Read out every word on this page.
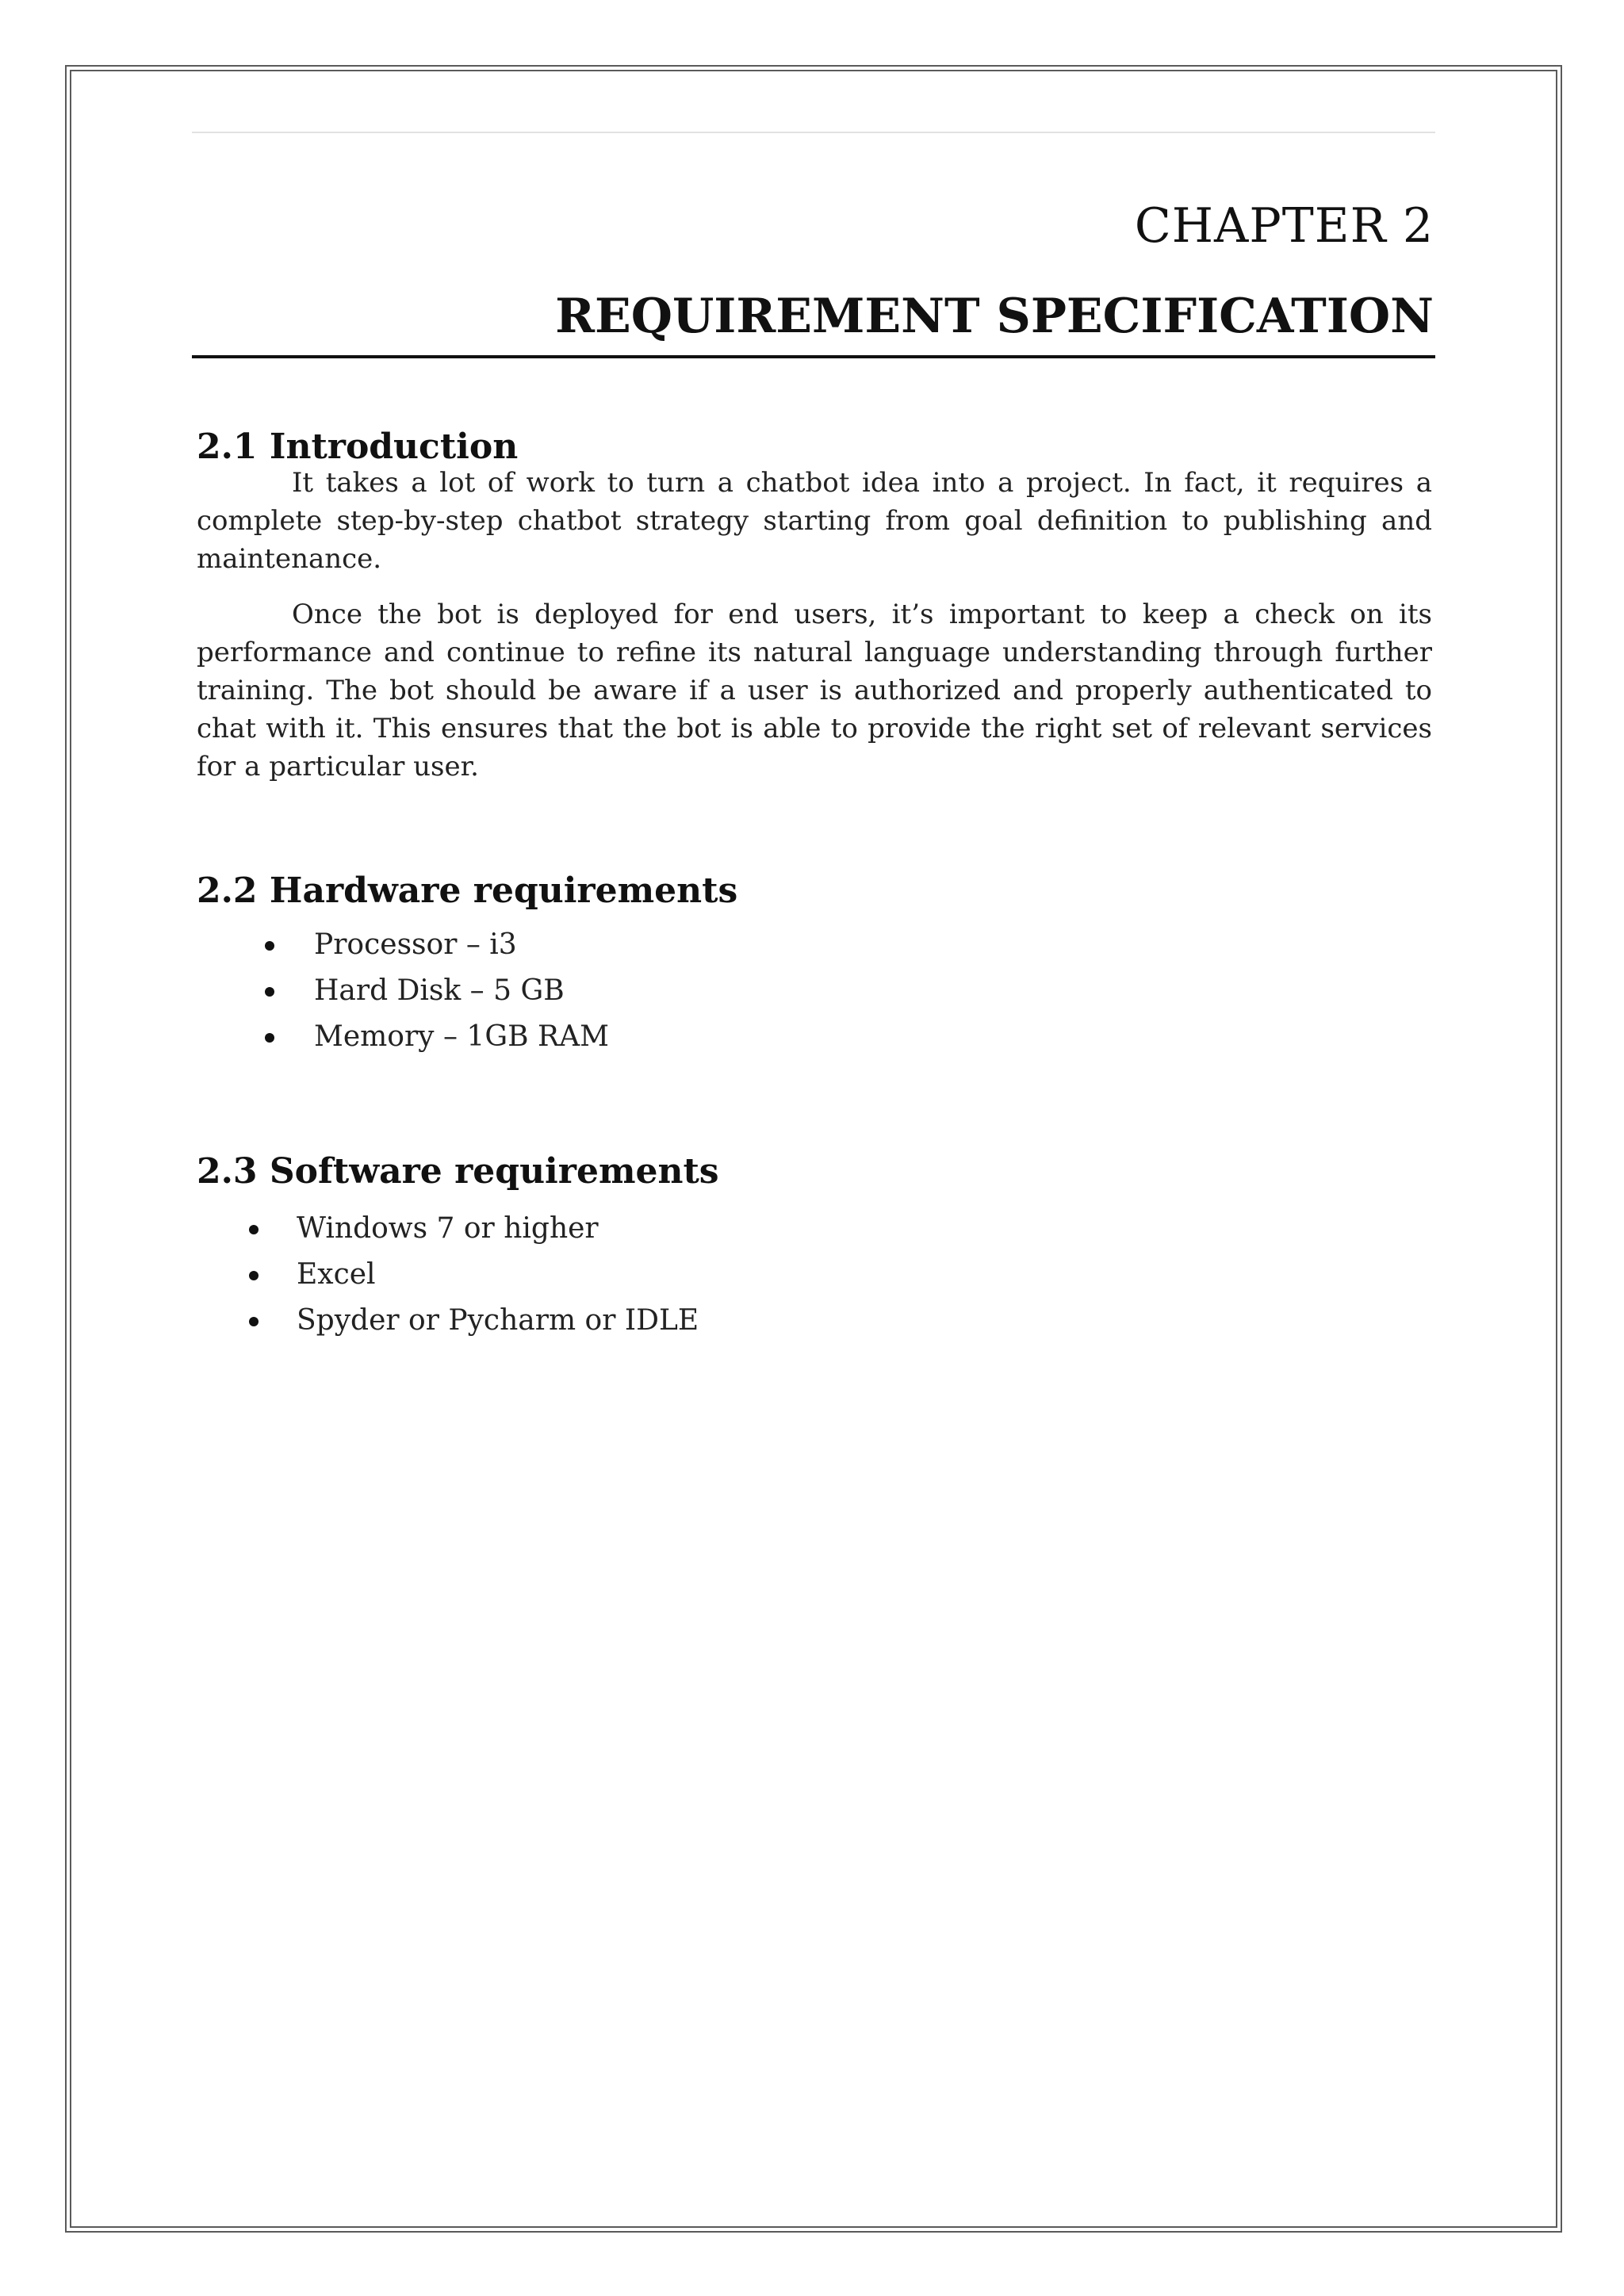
CHAPTER 2
REQUIREMENT SPECIFICATION
2.1 Introduction

It takes a lot of work to turn a chatbot idea into a project. In fact, it requires a complete step-by-step chatbot strategy starting from goal definition to publishing and maintenance.

Once the bot is deployed for end users, it’s important to keep a check on its performance and continue to refine its natural language understanding through further training. The bot should be aware if a user is authorized and properly authenticated to chat with it. This ensures that the bot is able to provide the right set of relevant services for a particular user.

2.2 Hardware requirements
Processor – i3
Hard Disk – 5 GB
Memory – 1GB RAM
2.3 Software requirements
Windows 7 or higher
Excel
Spyder or Pycharm or IDLE
